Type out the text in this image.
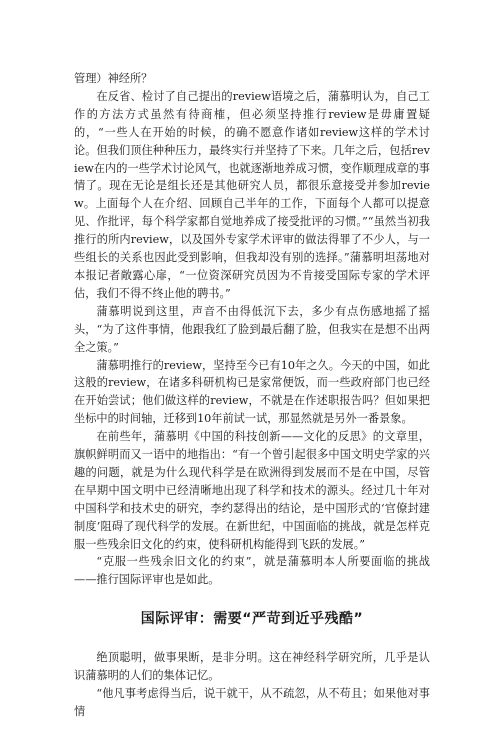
管理）神经所？

在反省、检讨了自己提出的review语境之后，蒲慕明认为，自己工作的方法方式虽然有待商榷，但必须坚持推行review是毋庸置疑的，“一些人在开始的时候，的确不愿意作诸如review这样的学术讨论。但我们顶住种种压力，最终实行并坚持了下来。几年之后，包括review在内的一些学术讨论风气，也就逐渐地养成习惯，变作顺理成章的事情了。现在无论是组长还是其他研究人员，都很乐意接受并参加review。上面每个人在介绍、回顾自己半年的工作，下面每个人都可以提意见、作批评，每个科学家都自觉地养成了接受批评的习惯。”“虽然当初我推行的所内review，以及国外专家学术评审的做法得罪了不少人，与一些组长的关系也因此受到影响，但我却没有别的选择。”蒲慕明坦荡地对本报记者敞露心扉，“一位资深研究员因为不肯接受国际专家的学术评估，我们不得不终止他的聘书。”

蒲慕明说到这里，声音不由得低沉下去，多少有点伤感地摇了摇头，“为了这件事情，他跟我红了脸到最后翻了脸，但我实在是想不出两全之策。”

蒲慕明推行的review，坚持至今已有10年之久。今天的中国，如此这般的review，在诸多科研机构已是家常便饭，而一些政府部门也已经在开始尝试；他们做这样的review，不就是在作述职报告吗？但如果把坐标中的时间轴，迁移到10年前试一试，那显然就是另外一番景象。

在前些年，蒲慕明《中国的科技创新——文化的反思》的文章里，旗帜鲜明而又一语中的地指出：“有一个曾引起很多中国文明史学家的兴趣的问题，就是为什么现代科学是在欧洲得到发展而不是在中国，尽管在早期中国文明中已经清晰地出现了科学和技术的源头。经过几十年对中国科学和技术史的研究，李约瑟得出的结论，是中国形式的‘官僚封建制度’阻碍了现代科学的发展。在新世纪，中国面临的挑战，就是怎样克服一些残余旧文化的约束，使科研机构能得到飞跃的发展。”

“克服一些残余旧文化的约束”，就是蒲慕明本人所要面临的挑战——推行国际评审也是如此。

国际评审：需要“严苛到近乎残酷”

绝顶聪明，做事果断，是非分明。这在神经科学研究所，几乎是认识蒲慕明的人们的集体记忆。

“他凡事考虑得当后，说干就干，从不疏忽，从不苟且；如果他对事情
